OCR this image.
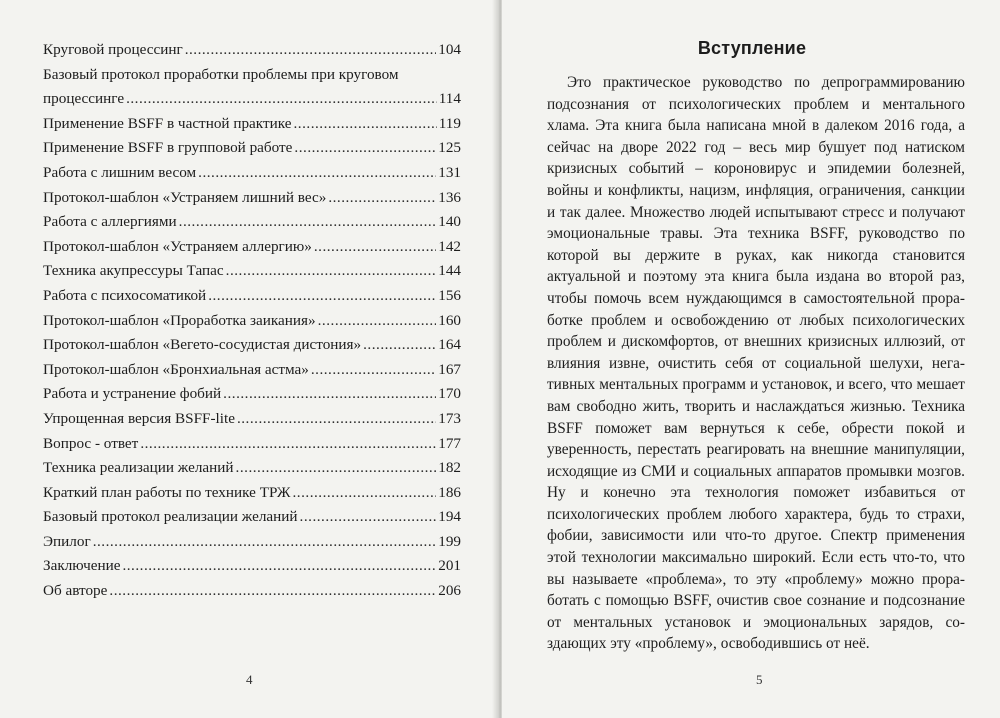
Круговой процессинг .....	104
Базовый протокол проработки проблемы при круговом
процессинге .....	114
Применение BSFF в частной практике .....	119
Применение BSFF в групповой работе .....	125
Работа с лишним весом .....	131
Протокол-шаблон «Устраняем лишний вес» .....	136
Работа с аллергиями .....	140
Протокол-шаблон «Устраняем аллергию» .....	142
Техника акупрессуры Тапас .....	144
Работа с психосоматикой .....	156
Протокол-шаблон «Проработка заикания» .....	160
Протокол-шаблон «Вегето-сосудистая дистония» .....	164
Протокол-шаблон «Бронхиальная астма» .....	167
Работа и устранение фобий .....	170
Упрощенная версия BSFF-lite .....	173
Вопрос - ответ .....	177
Техника реализации желаний .....	182
Краткий план работы по технике ТРЖ .....	186
Базовый протокол реализации желаний .....	194
Эпилог .....	199
Заключение .....	201
Об авторе .....	206
4
Вступление

Это практическое руководство по депрограммированию подсознания от психологических проблем и ментального хлама. Эта книга была написана мной в далеком 2016 года, а сейчас на дворе 2022 год – весь мир бушует под натиском кризисных событий – короновирус и эпидемии болезней, войны и конфликты, нацизм, инфляция, ограничения, санкции и так далее. Множество людей испытывают стресс и получают эмоциональные травы. Эта техника BSFF, руководство по которой вы держите в руках, как никогда становится актуальной и поэтому эта книга была издана во второй раз, чтобы помочь всем нуждающимся в самостоятельной проработке проблем и освобождению от любых психологических проблем и дискомфортов, от внешних кризисных иллюзий, от влияния извне, очистить себя от социальной шелухи, негативных ментальных программ и установок, и всего, что мешает вам свободно жить, творить и наслаждаться жизнью. Техника BSFF поможет вам вернуться к себе, обрести покой и уверенность, перестать реагировать на внешние манипуляции, исходящие из СМИ и социальных аппаратов промывки мозгов. Ну и конечно эта технология поможет избавиться от психологических проблем любого характера, будь то страхи, фобии, зависимости или что-то другое. Спектр применения этой технологии максимально широкий. Если есть что-то, что вы называете «проблема», то эту «проблему» можно проработать с помощью BSFF, очистив свое сознание и подсознание от ментальных установок и эмоциональных зарядов, создающих эту «проблему», освободившись от неё.

5
